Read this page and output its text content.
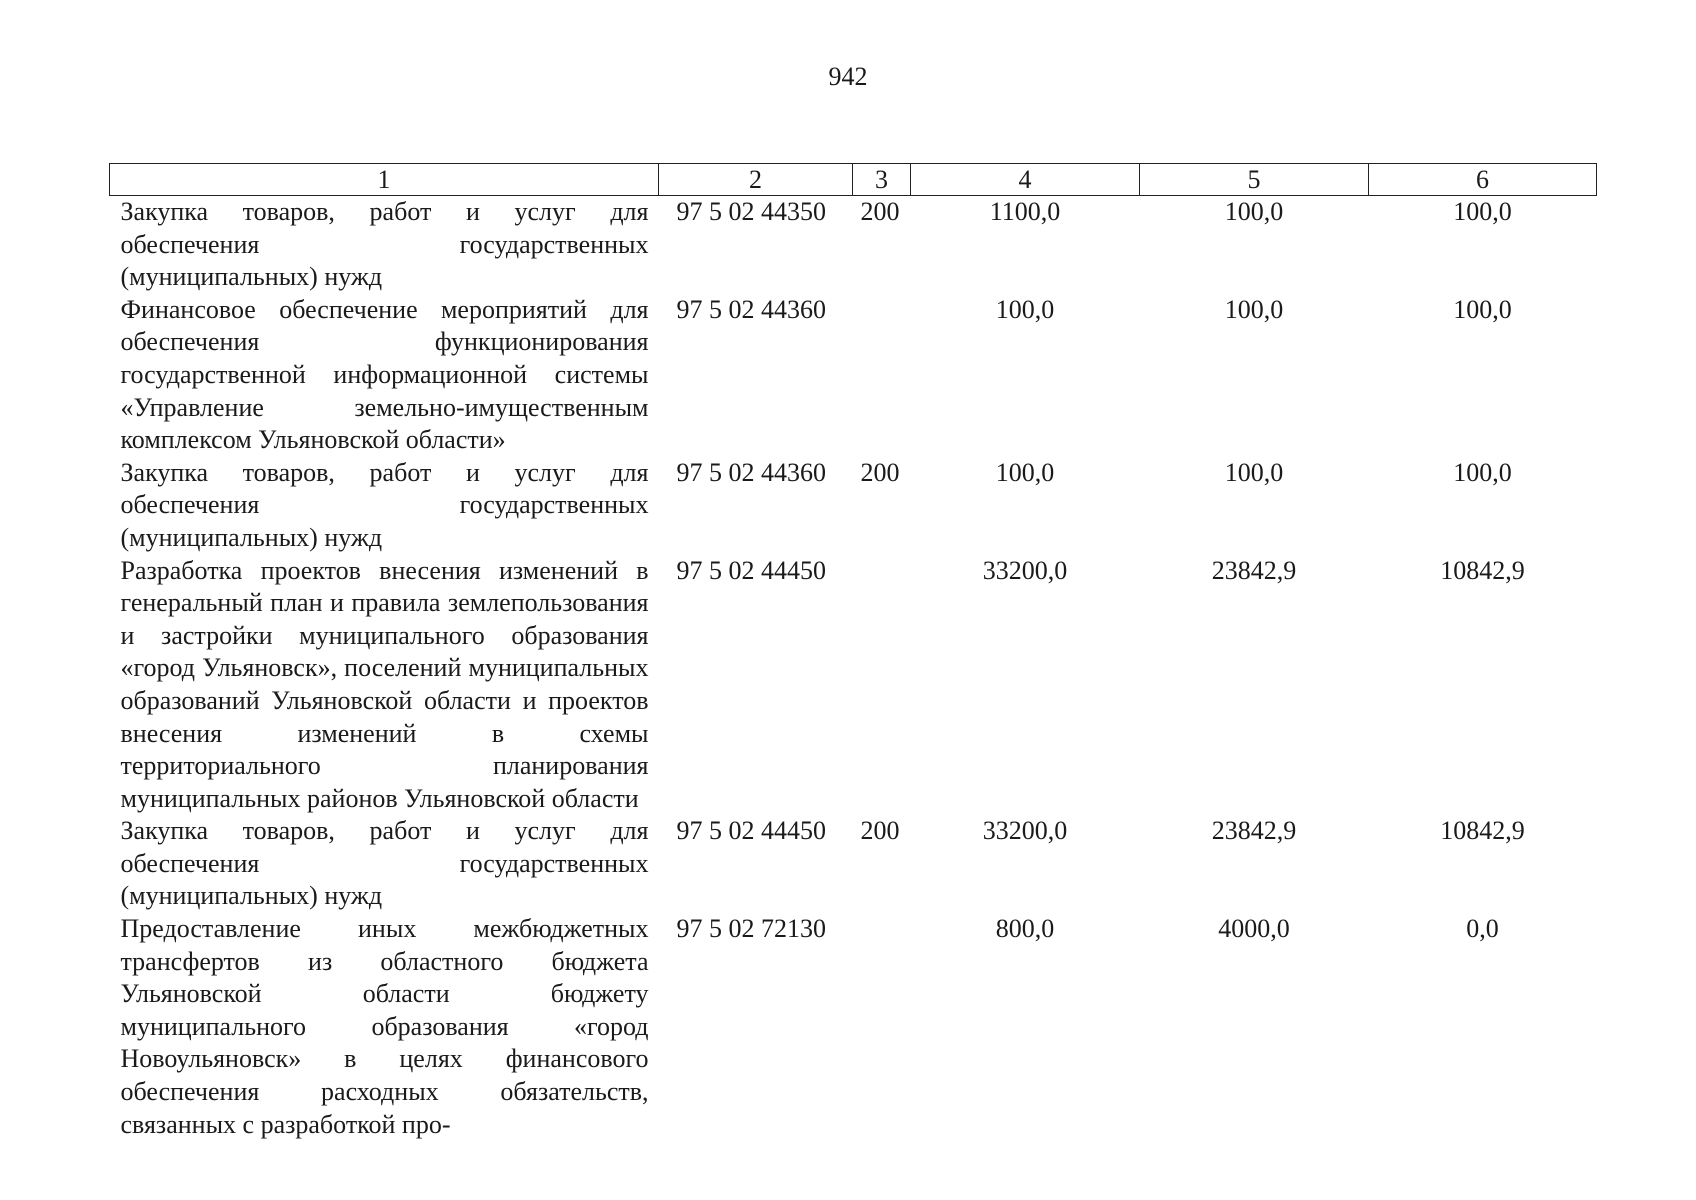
942
1	2	3	4	5	6
Закупка товаров, работ и услуг для обеспечения государственных (муниципальных) нужд	97 5 02 44350	200	1100,0	100,0	100,0
Финансовое обеспечение мероприятий для обеспечения функционирования государственной информационной системы «Управление земельно-имущественным комплексом Ульяновской области»	97 5 02 44360		100,0	100,0	100,0
Закупка товаров, работ и услуг для обеспечения государственных (муниципальных) нужд	97 5 02 44360	200	100,0	100,0	100,0
Разработка проектов внесения изменений в генеральный план и правила землепользования и застройки муниципального образования «город Ульяновск», поселений муниципальных образований Ульяновской области и проектов внесения изменений в схемы территориального планирования муниципальных районов Ульяновской области	97 5 02 44450		33200,0	23842,9	10842,9
Закупка товаров, работ и услуг для обеспечения государственных (муниципальных) нужд	97 5 02 44450	200	33200,0	23842,9	10842,9
Предоставление иных межбюджетных трансфертов из областного бюджета Ульяновской области бюджету муниципального образования «город Новоульяновск» в целях финансового обеспечения расходных обязательств, связанных с разработкой про-	97 5 02 72130		800,0	4000,0	0,0
